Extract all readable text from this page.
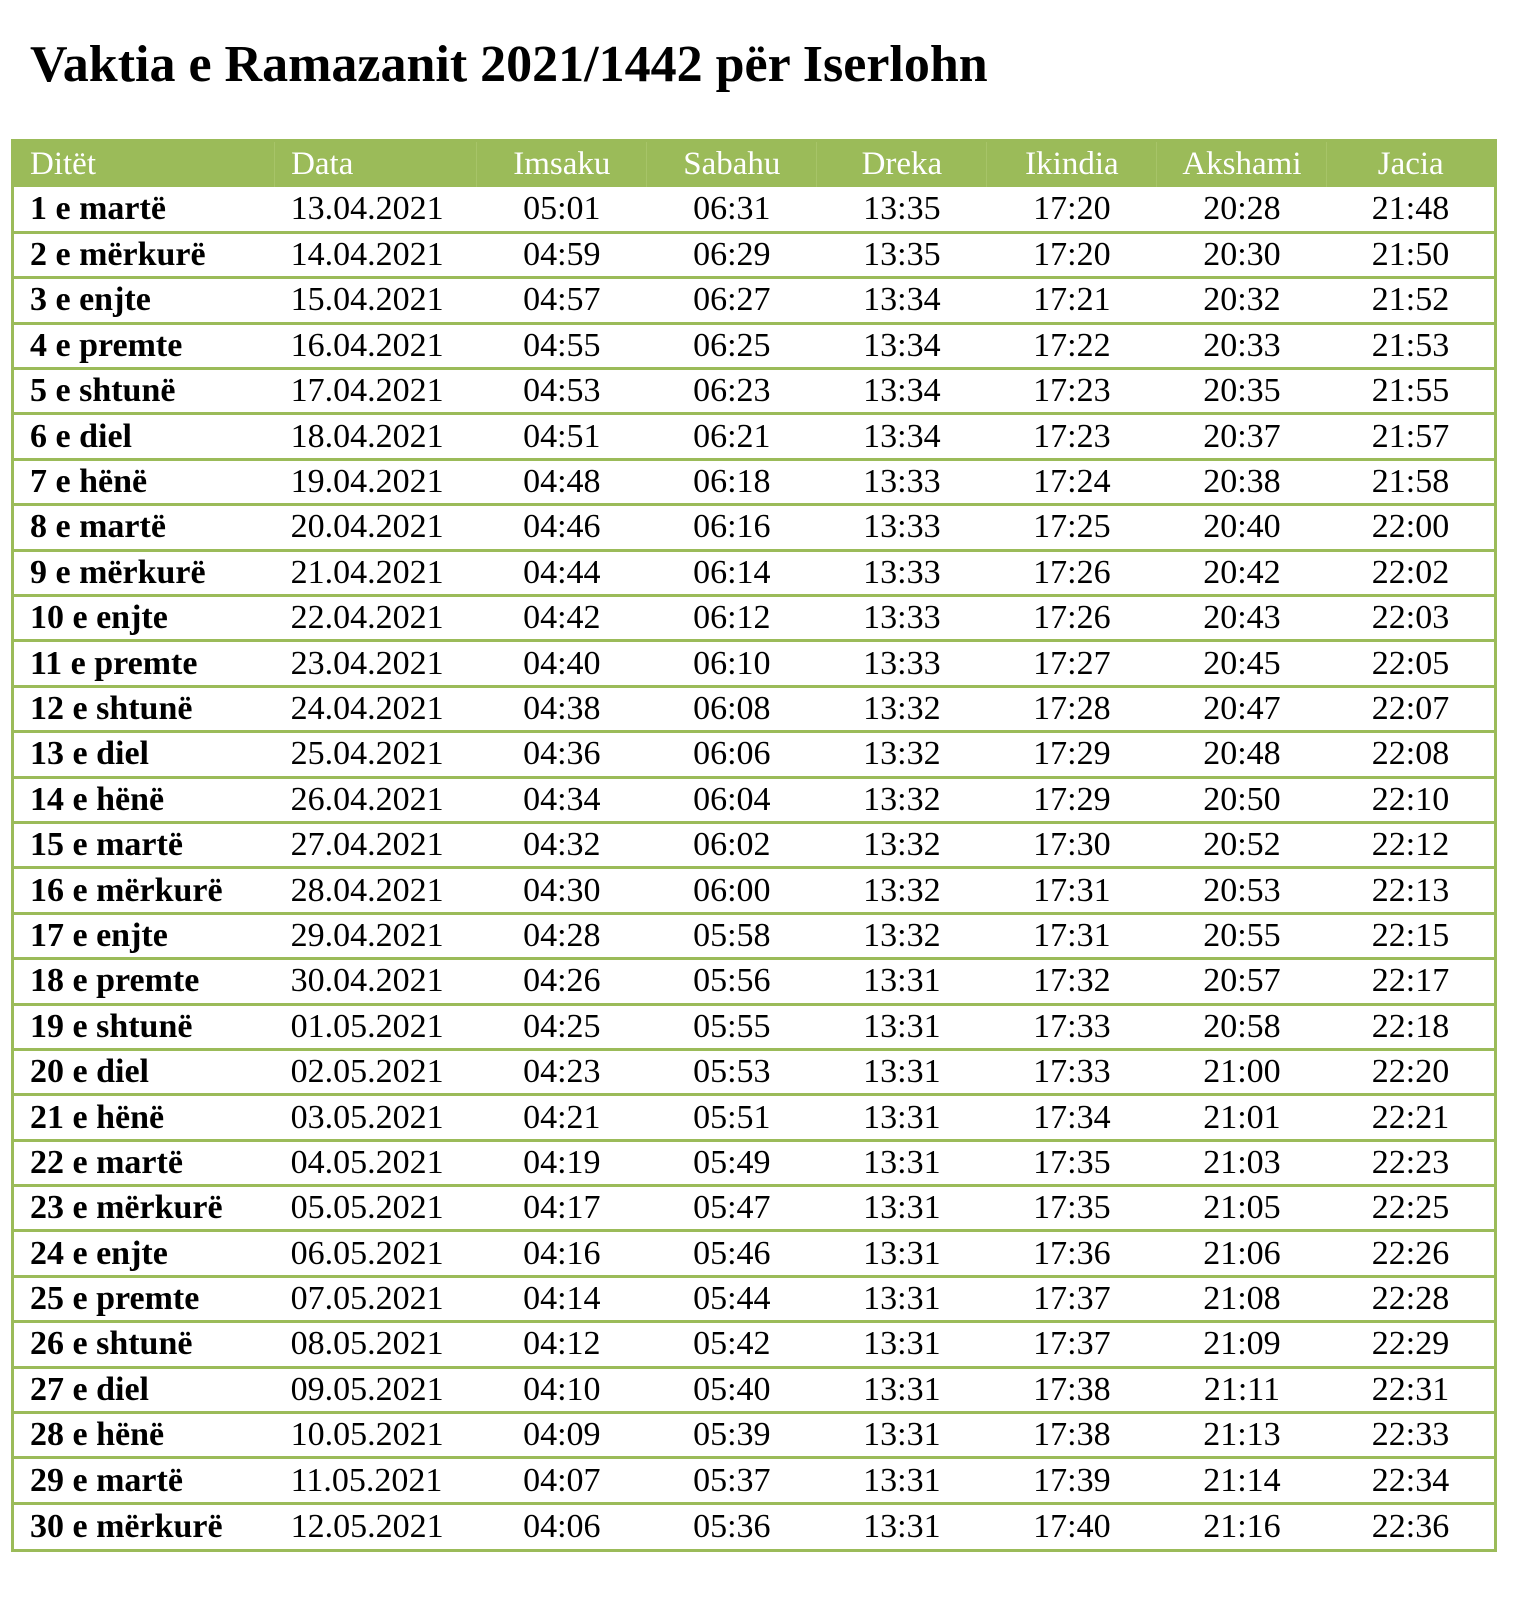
Vaktia e Ramazanit 2021/1442 për Iserlohn
Ditët	Data	Imsaku	Sabahu	Dreka	Ikindia	Akshami	Jacia
1 e martë	13.04.2021	05:01	06:31	13:35	17:20	20:28	21:48
2 e mërkurë	14.04.2021	04:59	06:29	13:35	17:20	20:30	21:50
3 e enjte	15.04.2021	04:57	06:27	13:34	17:21	20:32	21:52
4 e premte	16.04.2021	04:55	06:25	13:34	17:22	20:33	21:53
5 e shtunë	17.04.2021	04:53	06:23	13:34	17:23	20:35	21:55
6 e diel	18.04.2021	04:51	06:21	13:34	17:23	20:37	21:57
7 e hënë	19.04.2021	04:48	06:18	13:33	17:24	20:38	21:58
8 e martë	20.04.2021	04:46	06:16	13:33	17:25	20:40	22:00
9 e mërkurë	21.04.2021	04:44	06:14	13:33	17:26	20:42	22:02
10 e enjte	22.04.2021	04:42	06:12	13:33	17:26	20:43	22:03
11 e premte	23.04.2021	04:40	06:10	13:33	17:27	20:45	22:05
12 e shtunë	24.04.2021	04:38	06:08	13:32	17:28	20:47	22:07
13 e diel	25.04.2021	04:36	06:06	13:32	17:29	20:48	22:08
14 e hënë	26.04.2021	04:34	06:04	13:32	17:29	20:50	22:10
15 e martë	27.04.2021	04:32	06:02	13:32	17:30	20:52	22:12
16 e mërkurë	28.04.2021	04:30	06:00	13:32	17:31	20:53	22:13
17 e enjte	29.04.2021	04:28	05:58	13:32	17:31	20:55	22:15
18 e premte	30.04.2021	04:26	05:56	13:31	17:32	20:57	22:17
19 e shtunë	01.05.2021	04:25	05:55	13:31	17:33	20:58	22:18
20 e diel	02.05.2021	04:23	05:53	13:31	17:33	21:00	22:20
21 e hënë	03.05.2021	04:21	05:51	13:31	17:34	21:01	22:21
22 e martë	04.05.2021	04:19	05:49	13:31	17:35	21:03	22:23
23 e mërkurë	05.05.2021	04:17	05:47	13:31	17:35	21:05	22:25
24 e enjte	06.05.2021	04:16	05:46	13:31	17:36	21:06	22:26
25 e premte	07.05.2021	04:14	05:44	13:31	17:37	21:08	22:28
26 e shtunë	08.05.2021	04:12	05:42	13:31	17:37	21:09	22:29
27 e diel	09.05.2021	04:10	05:40	13:31	17:38	21:11	22:31
28 e hënë	10.05.2021	04:09	05:39	13:31	17:38	21:13	22:33
29 e martë	11.05.2021	04:07	05:37	13:31	17:39	21:14	22:34
30 e mërkurë	12.05.2021	04:06	05:36	13:31	17:40	21:16	22:36
